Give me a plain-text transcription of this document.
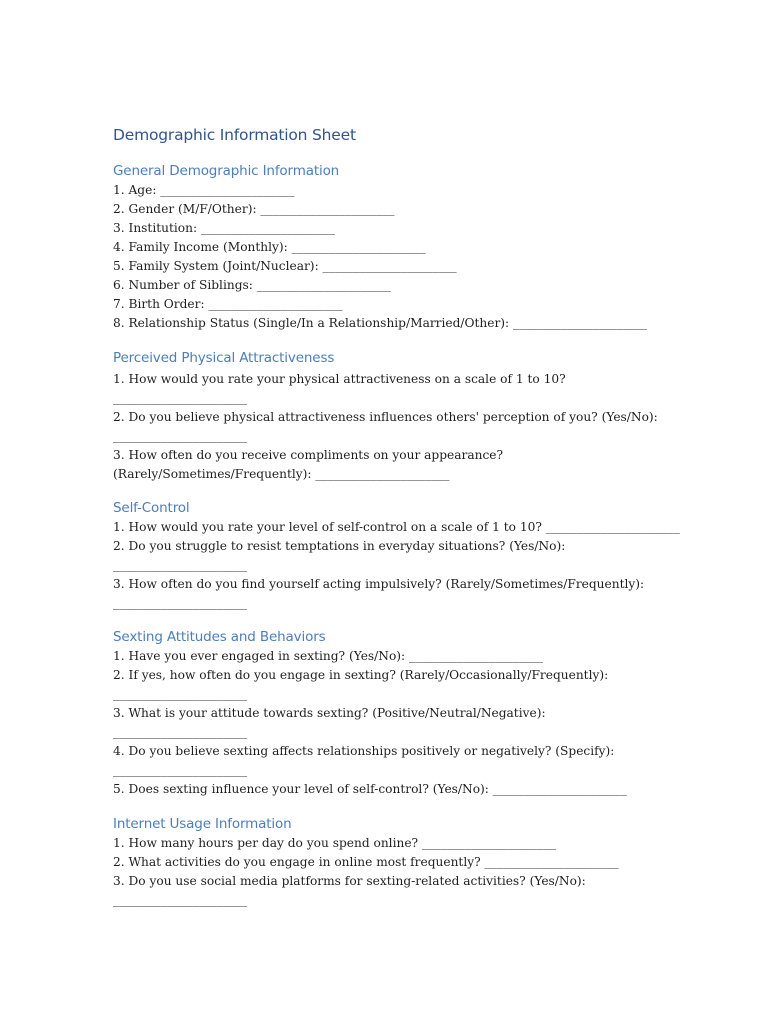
Demographic Information Sheet
General Demographic Information
1. Age: ______________________
2. Gender (M/F/Other): ______________________
3. Institution: ______________________
4. Family Income (Monthly): ______________________
5. Family System (Joint/Nuclear): ______________________
6. Number of Siblings: ______________________
7. Birth Order: ______________________
8. Relationship Status (Single/In a Relationship/Married/Other): ______________________
Perceived Physical Attractiveness
1. How would you rate your physical attractiveness on a scale of 1 to 10?
______________________
2. Do you believe physical attractiveness influences others' perception of you? (Yes/No):
______________________
3. How often do you receive compliments on your appearance?
(Rarely/Sometimes/Frequently): ______________________
Self-Control
1. How would you rate your level of self-control on a scale of 1 to 10? ______________________
2. Do you struggle to resist temptations in everyday situations? (Yes/No):
______________________
3. How often do you find yourself acting impulsively? (Rarely/Sometimes/Frequently):
______________________
Sexting Attitudes and Behaviors
1. Have you ever engaged in sexting? (Yes/No): ______________________
2. If yes, how often do you engage in sexting? (Rarely/Occasionally/Frequently):
______________________
3. What is your attitude towards sexting? (Positive/Neutral/Negative):
______________________
4. Do you believe sexting affects relationships positively or negatively? (Specify):
______________________
5. Does sexting influence your level of self-control? (Yes/No): ______________________
Internet Usage Information
1. How many hours per day do you spend online? ______________________
2. What activities do you engage in online most frequently? ______________________
3. Do you use social media platforms for sexting-related activities? (Yes/No):
______________________
